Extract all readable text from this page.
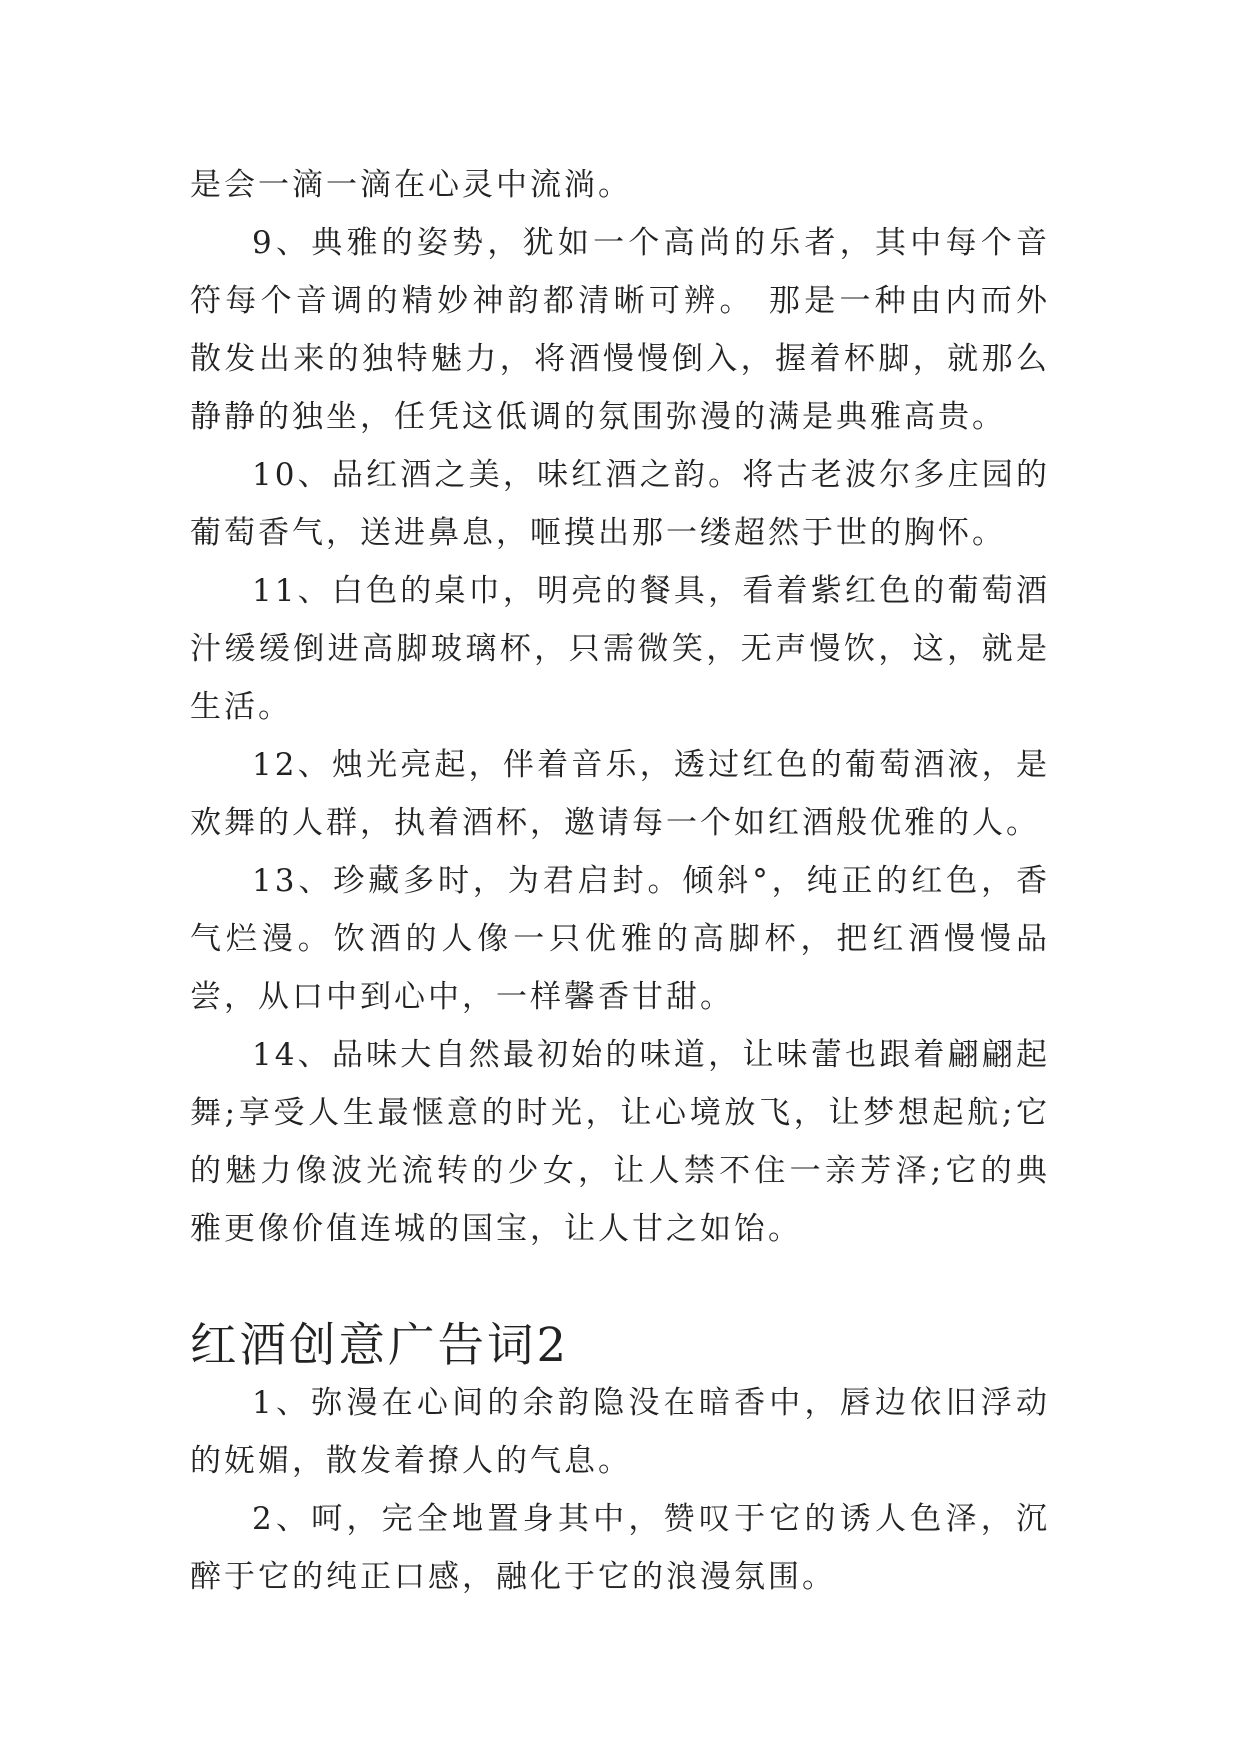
是会一滴一滴在心灵中流淌。

9、典雅的姿势，犹如一个高尚的乐者，其中每个音符每个音调的精妙神韵都清晰可辨。 那是一种由内而外散发出来的独特魅力，将酒慢慢倒入，握着杯脚，就那么静静的独坐，任凭这低调的氛围弥漫的满是典雅高贵。

10、品红酒之美，味红酒之韵。将古老波尔多庄园的葡萄香气，送进鼻息，咂摸出那一缕超然于世的胸怀。

11、白色的桌巾，明亮的餐具，看着紫红色的葡萄酒汁缓缓倒进高脚玻璃杯，只需微笑，无声慢饮，这，就是生活。

12、烛光亮起，伴着音乐，透过红色的葡萄酒液，是欢舞的人群，执着酒杯，邀请每一个如红酒般优雅的人。

13、珍藏多时，为君启封。倾斜°，纯正的红色，香气烂漫。饮酒的人像一只优雅的高脚杯，把红酒慢慢品尝，从口中到心中，一样馨香甘甜。

14、品味大自然最初始的味道，让味蕾也跟着翩翩起舞;享受人生最惬意的时光，让心境放飞，让梦想起航;它的魅力像波光流转的少女，让人禁不住一亲芳泽;它的典雅更像价值连城的国宝，让人甘之如饴。

红酒创意广告词2

1、弥漫在心间的余韵隐没在暗香中，唇边依旧浮动的妩媚，散发着撩人的气息。

2、呵，完全地置身其中，赞叹于它的诱人色泽，沉醉于它的纯正口感，融化于它的浪漫氛围。
